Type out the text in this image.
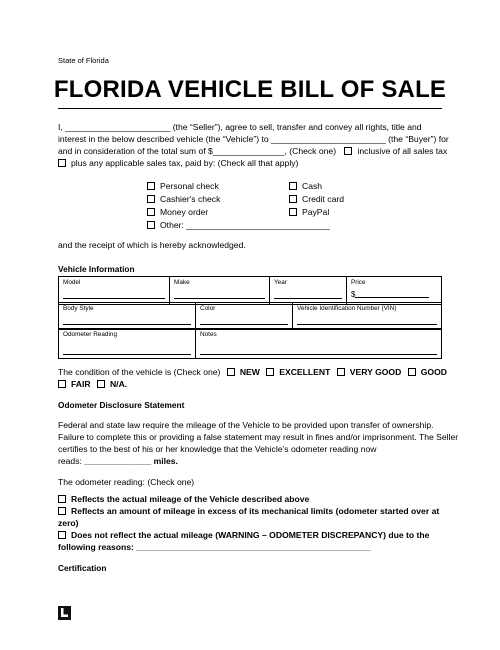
State of Florida
FLORIDA VEHICLE BILL OF SALE
I, ______________________ (the “Seller”), agree to sell, transfer and convey all rights, title and
interest in the below described vehicle (the “Vehicle”) to ________________________ (the “Buyer”) for
and in consideration of the total sum of $_______________, (Check one) inclusive of all sales tax
plus any applicable sales tax, paid by: (Check all that apply)
Personal check
Cashier's check
Money order
Other: ______________________________
Cash
Credit card
PayPal
and the receipt of which is hereby acknowledged.
Vehicle Information
Model	Make	Year	Price
$
Body Style	Color	Vehicle Identification Number (VIN)
Odometer Reading	Notes
The condition of the vehicle is (Check one) NEW EXCELLENT VERY GOOD GOOD
FAIR N/A.
Odometer Disclosure Statement
Federal and state law require the mileage of the Vehicle to be provided upon transfer of ownership.
Failure to complete this or providing a false statement may result in fines and/or imprisonment. The Seller
certifies to the best of his or her knowledge that the Vehicle’s odometer reading now
reads: ______________ miles.
The odometer reading: (Check one)
Reflects the actual mileage of the Vehicle described above
Reflects an amount of mileage in excess of its mechanical limits (odometer started over at
zero)
Does not reflect the actual mileage (WARNING – ODOMETER DISCREPANCY) due to the
following reasons: _________________________________________________
Certification
